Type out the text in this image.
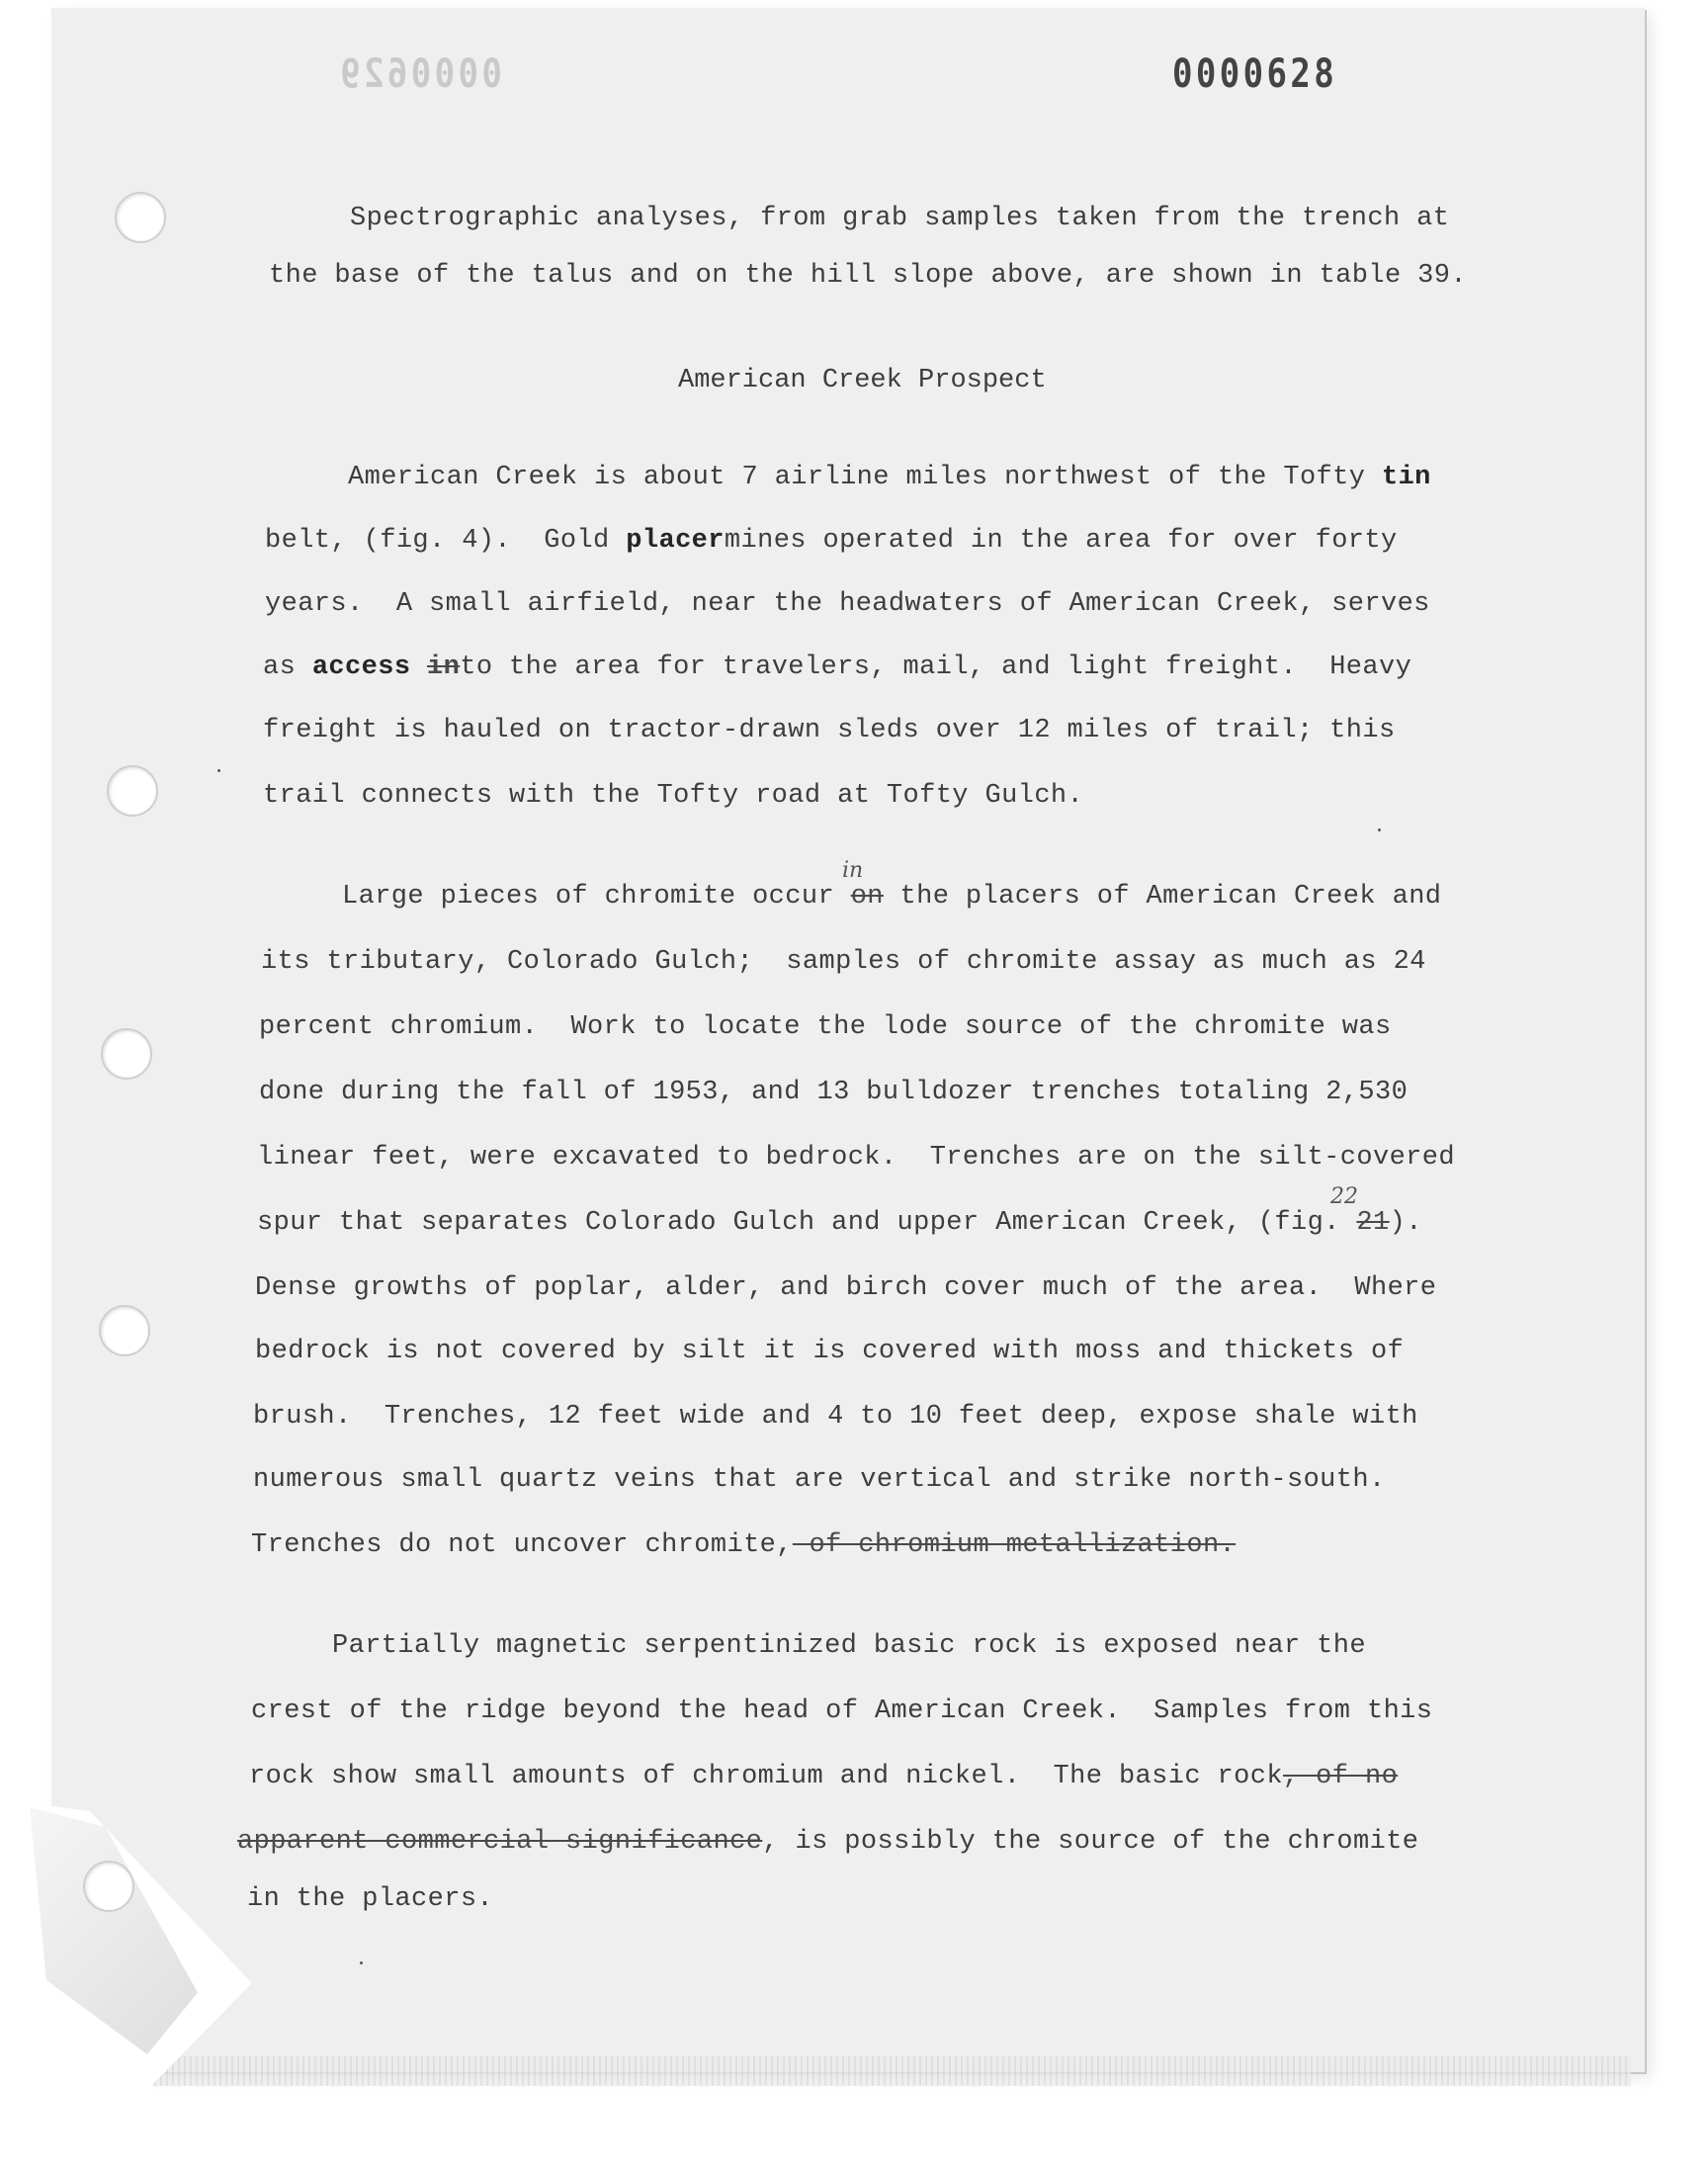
0000629	0000628
Spectrographic analyses, from grab samples taken from the trench at
the base of the talus and on the hill slope above, are shown in table 39.
American Creek Prospect
American Creek is about 7 airline miles northwest of the Tofty tin
belt, (fig. 4).  Gold placermines operated in the area for over forty
years.  A small airfield, near the headwaters of American Creek, serves
as access into the area for travelers, mail, and light freight.  Heavy
freight is hauled on tractor-drawn sleds over 12 miles of trail; this
trail connects with the Tofty road at Tofty Gulch.
in
Large pieces of chromite occur on the placers of American Creek and
its tributary, Colorado Gulch;  samples of chromite assay as much as 24
percent chromium.  Work to locate the lode source of the chromite was
done during the fall of 1953, and 13 bulldozer trenches totaling 2,530
linear feet, were excavated to bedrock.  Trenches are on the silt-covered
22
spur that separates Colorado Gulch and upper American Creek, (fig. 21).
Dense growths of poplar, alder, and birch cover much of the area.  Where
bedrock is not covered by silt it is covered with moss and thickets of
brush.  Trenches, 12 feet wide and 4 to 10 feet deep, expose shale with
numerous small quartz veins that are vertical and strike north-south.
Trenches do not uncover chromite, of chromium metallization.
Partially magnetic serpentinized basic rock is exposed near the
crest of the ridge beyond the head of American Creek.  Samples from this
rock show small amounts of chromium and nickel.  The basic rock, of no
apparent commercial significance, is possibly the source of the chromite
in the placers.
